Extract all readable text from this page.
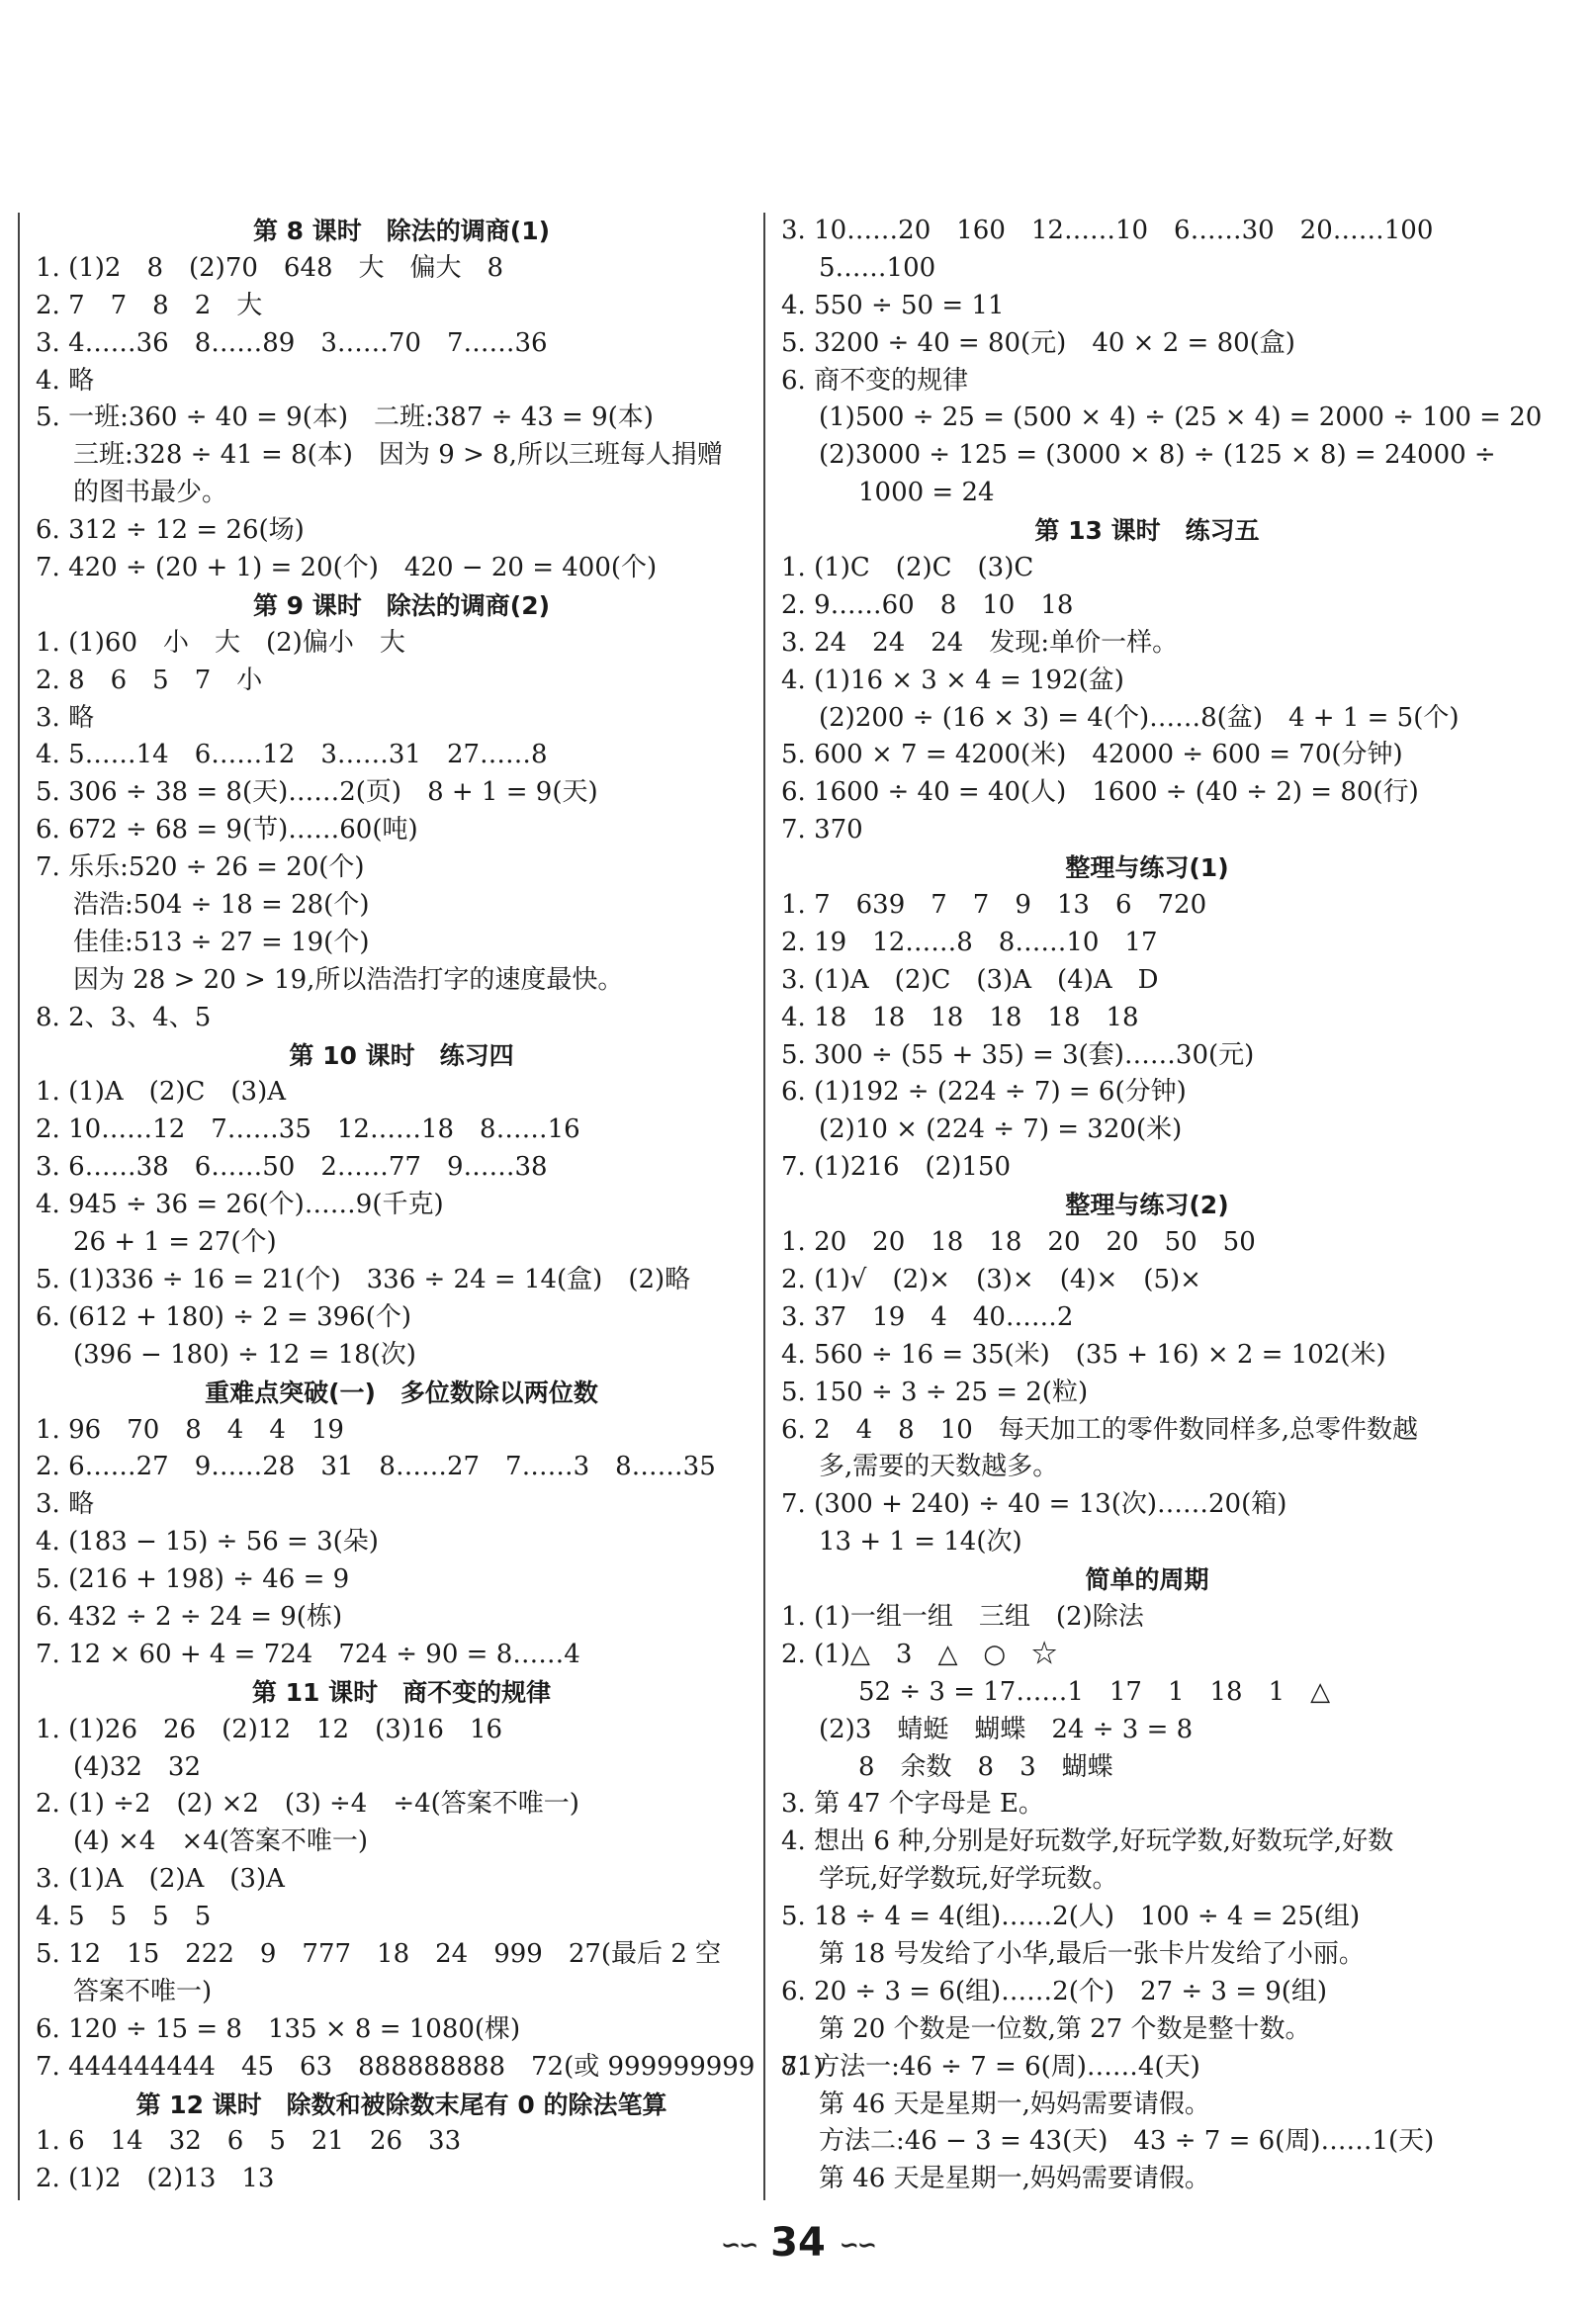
第 8 课时　除法的调商(1)
1. (1)2　8　(2)70　648　大　偏大　8
2. 7　7　8　2　大
3. 4……36　8……89　3……70　7……36
4. 略
5. 一班:360 ÷ 40 = 9(本)　二班:387 ÷ 43 = 9(本)
三班:328 ÷ 41 = 8(本)　因为 9 > 8,所以三班每人捐赠
的图书最少。
6. 312 ÷ 12 = 26(场)
7. 420 ÷ (20 + 1) = 20(个)　420 − 20 = 400(个)
第 9 课时　除法的调商(2)
1. (1)60　小　大　(2)偏小　大
2. 8　6　5　7　小
3. 略
4. 5……14　6……12　3……31　27……8
5. 306 ÷ 38 = 8(天)……2(页)　8 + 1 = 9(天)
6. 672 ÷ 68 = 9(节)……60(吨)
7. 乐乐:520 ÷ 26 = 20(个)
浩浩:504 ÷ 18 = 28(个)
佳佳:513 ÷ 27 = 19(个)
因为 28 > 20 > 19,所以浩浩打字的速度最快。
8. 2、3、4、5
第 10 课时　练习四
1. (1)A　(2)C　(3)A
2. 10……12　7……35　12……18　8……16
3. 6……38　6……50　2……77　9……38
4. 945 ÷ 36 = 26(个)……9(千克)
26 + 1 = 27(个)
5. (1)336 ÷ 16 = 21(个)　336 ÷ 24 = 14(盒)　(2)略
6. (612 + 180) ÷ 2 = 396(个)
(396 − 180) ÷ 12 = 18(次)
重难点突破(一)　多位数除以两位数
1. 96　70　8　4　4　19
2. 6……27　9……28　31　8……27　7……3　8……35
3. 略
4. (183 − 15) ÷ 56 = 3(朵)
5. (216 + 198) ÷ 46 = 9
6. 432 ÷ 2 ÷ 24 = 9(栋)
7. 12 × 60 + 4 = 724　724 ÷ 90 = 8……4
第 11 课时　商不变的规律
1. (1)26　26　(2)12　12　(3)16　16
(4)32　32
2. (1) ÷2　(2) ×2　(3) ÷4　÷4(答案不唯一)
(4) ×4　×4(答案不唯一)
3. (1)A　(2)A　(3)A
4. 5　5　5　5
5. 12　15　222　9　777　18　24　999　27(最后 2 空
答案不唯一)
6. 120 ÷ 15 = 8　135 × 8 = 1080(棵)
7. 444444444　45　63　888888888　72(或 999999999　81)
第 12 课时　除数和被除数末尾有 0 的除法笔算
1. 6　14　32　6　5　21　26　33
2. (1)2　(2)13　13
3. 10……20　160　12……10　6……30　20……100
5……100
4. 550 ÷ 50 = 11
5. 3200 ÷ 40 = 80(元)　40 × 2 = 80(盒)
6. 商不变的规律
(1)500 ÷ 25 = (500 × 4) ÷ (25 × 4) = 2000 ÷ 100 = 20
(2)3000 ÷ 125 = (3000 × 8) ÷ (125 × 8) = 24000 ÷
1000 = 24
第 13 课时　练习五
1. (1)C　(2)C　(3)C
2. 9……60　8　10　18
3. 24　24　24　发现:单价一样。
4. (1)16 × 3 × 4 = 192(盆)
(2)200 ÷ (16 × 3) = 4(个)……8(盆)　4 + 1 = 5(个)
5. 600 × 7 = 4200(米)　42000 ÷ 600 = 70(分钟)
6. 1600 ÷ 40 = 40(人)　1600 ÷ (40 ÷ 2) = 80(行)
7. 370
整理与练习(1)
1. 7　639　7　7　9　13　6　720
2. 19　12……8　8……10　17
3. (1)A　(2)C　(3)A　(4)A　D
4. 18　18　18　18　18　18
5. 300 ÷ (55 + 35) = 3(套)……30(元)
6. (1)192 ÷ (224 ÷ 7) = 6(分钟)
(2)10 × (224 ÷ 7) = 320(米)
7. (1)216　(2)150
整理与练习(2)
1. 20　20　18　18　20　20　50　50
2. (1)√　(2)×　(3)×　(4)×　(5)×
3. 37　19　4　40……2
4. 560 ÷ 16 = 35(米)　(35 + 16) × 2 = 102(米)
5. 150 ÷ 3 ÷ 25 = 2(粒)
6. 2　4　8　10　每天加工的零件数同样多,总零件数越
多,需要的天数越多。
7. (300 + 240) ÷ 40 = 13(次)……20(箱)
13 + 1 = 14(次)
简单的周期
1. (1)一组一组　三组　(2)除法
2. (1)△　3　△　○　☆
52 ÷ 3 = 17……1　17　1　18　1　△
(2)3　蜻蜓　蝴蝶　24 ÷ 3 = 8
8　余数　8　3　蝴蝶
3. 第 47 个字母是 E。
4. 想出 6 种,分别是好玩数学,好玩学数,好数玩学,好数
学玩,好学数玩,好学玩数。
5. 18 ÷ 4 = 4(组)……2(人)　100 ÷ 4 = 25(组)
第 18 号发给了小华,最后一张卡片发给了小丽。
6. 20 ÷ 3 = 6(组)……2(个)　27 ÷ 3 = 9(组)
第 20 个数是一位数,第 27 个数是整十数。
7. 方法一:46 ÷ 7 = 6(周)……4(天)
第 46 天是星期一,妈妈需要请假。
方法二:46 − 3 = 43(天)　43 ÷ 7 = 6(周)……1(天)
第 46 天是星期一,妈妈需要请假。
∽∽ 34 ∽∽
